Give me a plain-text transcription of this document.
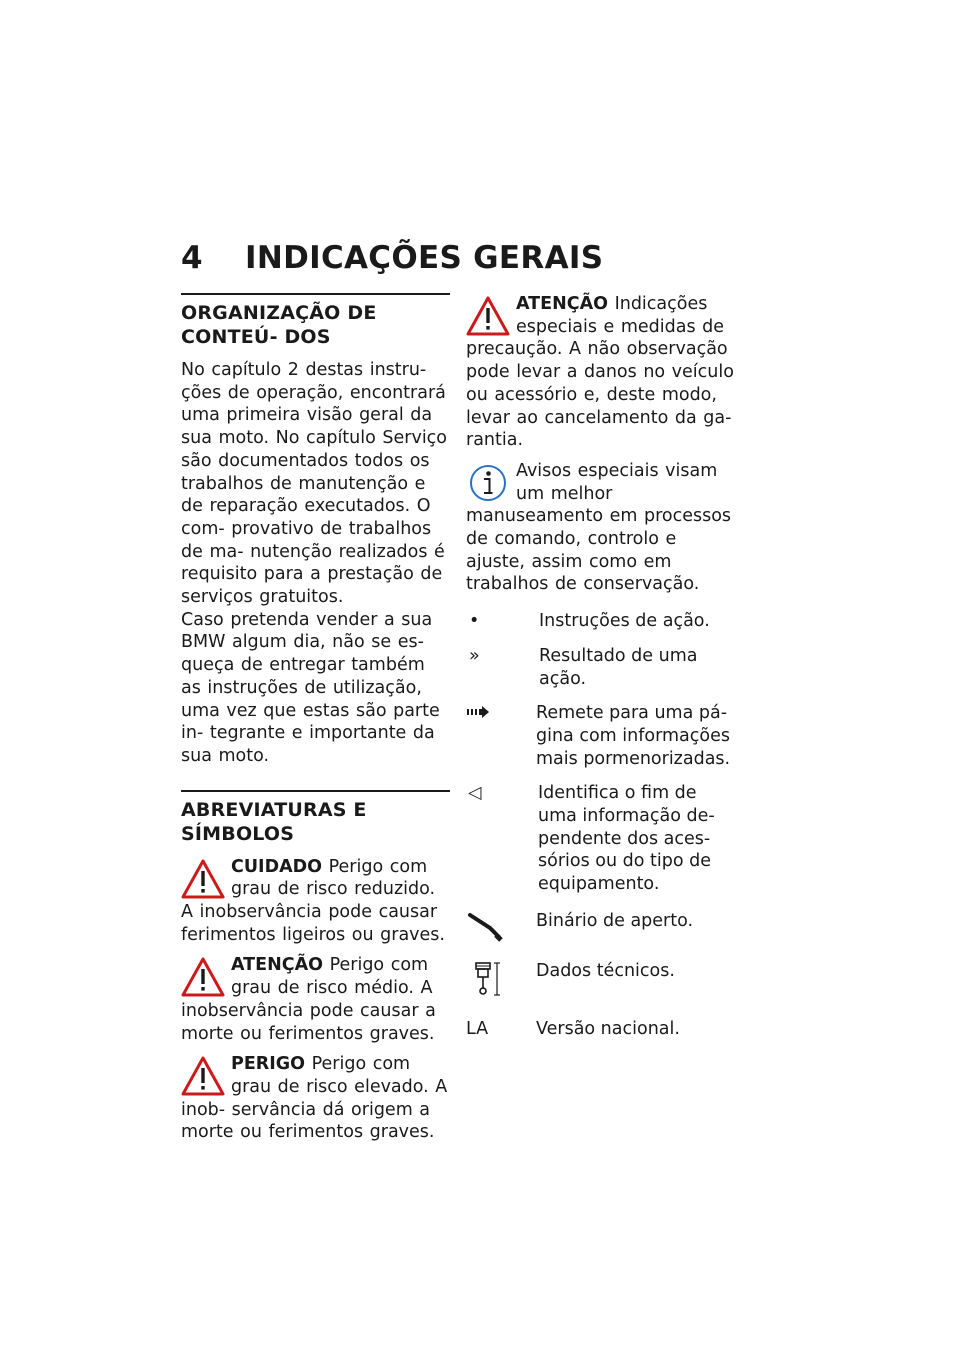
4 INDICAÇÕES GERAIS
ORGANIZAÇÃO DE CONTEÚ- DOS

No capítulo 2 destas instru- ções de operação, encontrará uma primeira visão geral da sua moto. No capítulo Serviço são documentados todos os trabalhos de manutenção e de reparação executados. O com- provativo de trabalhos de ma- nutenção realizados é requisito para a prestação de serviços gratuitos.

Caso pretenda vender a sua BMW algum dia, não se es- queça de entregar também as instruções de utilização, uma vez que estas são parte in- tegrante e importante da sua moto.

ABREVIATURAS E SÍMBOLOS

CUIDADO Perigo com grau de risco reduzido. A inobservância pode causar ferimentos ligeiros ou graves.

ATENÇÃO Perigo com grau de risco médio. A inobservância pode causar a morte ou ferimentos graves.

PERIGO Perigo com grau de risco elevado. A inob- servância dá origem a morte ou ferimentos graves.

ATENÇÃO Indicações especiais e medidas de precaução. A não observação pode levar a danos no veículo ou acessório e, deste modo, levar ao cancelamento da ga- rantia.

Avisos especiais visam um melhor manuseamento em processos de comando, controlo e ajuste, assim como em trabalhos de conservação.

•	Instruções de ação.
»	Resultado de uma ação.
Remete para uma pá- gina com informações mais pormenorizadas.
◁	Identifica o fim de uma informação de- pendente dos aces- sórios ou do tipo de equipamento.
Binário de aperto.
Dados técnicos.
LA	Versão nacional.
